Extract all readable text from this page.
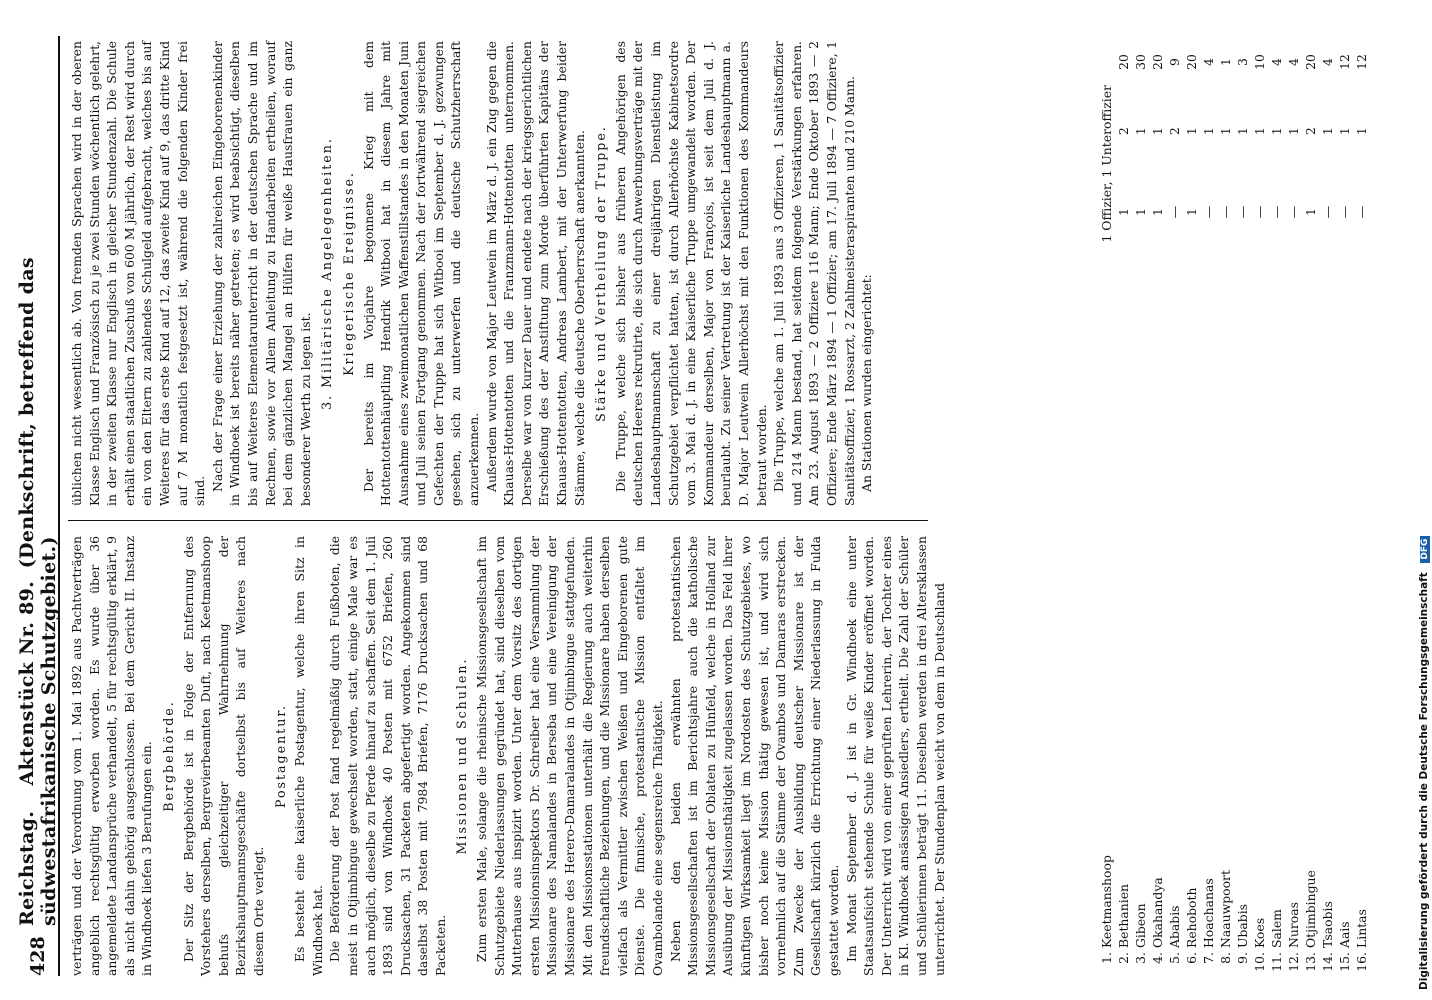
428
Reichstag.    Aktenstück Nr. 89.  (Denkschrift, betreffend das südwestafrikanische Schutzgebiet.) verträgen und der Verordnung vom 1. Mai 1892 aus Pachtverträgen angeblich rechtsgültig erworben worden. Es wurde über 36 angemeldete Landansprüche verhandelt, 5 für rechtsgültig erklärt, 9 als nicht dahin gehörig ausgeschlossen. Bei dem Gericht II. Instanz in Windhoek liefen 3 Berufungen ein. Bergbehörde. Der Sitz der Bergbehörde ist in Folge der Entfernung des Vorstehers derselben, Bergrevierbeamten Duft, nach Keetmanshoop behufs gleichzeitiger Wahrnehmung der Bezirkshauptmannsgeschäfte dortselbst bis auf Weiteres nach diesem Orte verlegt.

Postagentur. Es besteht eine kaiserliche Postagentur, welche ihren Sitz in Windhoek hat. Die Beförderung der Post fand regelmäßig durch Fußboten, die meist in Otjimbingue gewechselt worden, statt, einige Male war es auch möglich, dieselbe zu Pferde hinauf zu schaffen. Seit dem 1. Juli 1893 sind von Windhoek 40 Posten mit 6752 Briefen, 260 Drucksachen, 31 Packeten abgefertigt worden. Angekommen sind daselbst 38 Posten mit 7984 Briefen, 7176 Drucksachen und 68 Packeten.

Missionen und Schulen. Zum ersten Male, solange die rheinische Missionsgesellschaft im Schutzgebiete Niederlassungen gegründet hat, sind dieselben vom Mutterhause aus inspizirt worden. Unter dem Vorsitz des dortigen ersten Missionsinspektors Dr. Schreiber hat eine Versammlung der Missionare des Namalandes in Berseba und eine Vereinigung der Missionare des Herero-Damaralandes in Otjimbingue stattgefunden. Mit den Missionsstationen unterhält die Regierung auch weiterhin freundschaftliche Beziehungen, und die Missionare haben derselben vielfach als Vermittler zwischen Weißen und Eingeborenen gute Dienste. Die finnische, protestantische Mission entfaltet im Ovambolande eine segensreiche Thätigkeit. Neben den beiden erwähnten protestantischen Missionsgesellschaften ist im Berichtsjahre auch die katholische Missionsgesellschaft der Oblaten zu Hünfeld, welche in Holland zur Ausübung der Missionsthätigkeit zugelassen worden. Das Feld ihrer künftigen Wirksamkeit liegt im Nordosten des Schutzgebietes, wo bisher noch keine Mission thätig gewesen ist, und wird sich vornehmlich auf die Stämme der Ovambos und Damaras erstrecken. Zum Zwecke der Ausbildung deutscher Missionare ist der Gesellschaft kürzlich die Errichtung einer Niederlassung in Fulda gestattet worden. Im Monat September d. J. ist in Gr. Windhoek eine unter Staatsaufsicht stehende Schule für weiße Kinder eröffnet worden. Der Unterricht wird von einer geprüften Lehrerin, der Tochter eines in Kl. Windhoek ansässigen Ansiedlers, ertheilt. Die Zahl der Schüler und Schülerinnen beträgt 11. Dieselben werden in drei Altersklassen unterrichtet. Der Stundenplan weicht von dem in Deutschland

üblichen nicht wesentlich ab. Von fremden Sprachen wird in der oberen Klasse Englisch und Französisch zu je zwei Stunden wöchentlich gelehrt, in der zweiten Klasse nur Englisch in gleicher Stundenzahl. Die Schule erhält einen staatlichen Zuschuß von 600 M jährlich, der Rest wird durch ein von den Eltern zu zahlendes Schulgeld aufgebracht, welches bis auf Weiteres für das erste Kind auf 12, das zweite Kind auf 9, das dritte Kind auf 7 M monatlich festgesetzt ist, während die folgenden Kinder frei sind. Nach der Frage einer Erziehung der zahlreichen Eingeborenenkinder in Windhoek ist bereits näher getreten; es wird beabsichtigt, dieselben bis auf Weiteres Elementarunterricht in der deutschen Sprache und im Rechnen, sowie vor Allem Anleitung zu Handarbeiten ertheilen, worauf bei dem gänzlichen Mangel an Hülfen für weiße Hausfrauen ein ganz besonderer Werth zu legen ist. 3. Militärische Angelegenheiten. Kriegerische Ereignisse. Der bereits im Vorjahre begonnene Krieg mit dem Hottentottenhäuptling Hendrik Witbooi hat in diesem Jahre mit Ausnahme eines zweimonatlichen Waffenstillstandes in den Monaten Juni und Juli seinen Fortgang genommen. Nach der fortwährend siegreichen Gefechten der Truppe hat sich Witbooi im September d. J. gezwungen gesehen, sich zu unterwerfen und die deutsche Schutzherrschaft anzuerkennen. Außerdem wurde von Major Leutwein im März d. J. ein Zug gegen die Khauas-Hottentotten und die Franzmann-Hottentotten unternommen. Derselbe war von kurzer Dauer und endete nach der kriegsgerichtlichen Erschießung des der Anstiftung zum Morde überführten Kapitäns der Khauas-Hottentotten, Andreas Lambert, mit der Unterwerfung beider Stämme, welche die deutsche Oberherrschaft anerkannten. Stärke und Vertheilung der Truppe. Die Truppe, welche sich bisher aus früheren Angehörigen des deutschen Heeres rekrutirte, die sich durch Anwerbungsverträge mit der Landeshauptmannschaft zu einer dreijährigen Dienstleistung im Schutzgebiet verpflichtet hatten, ist durch Allerhöchste Kabinetsordre vom 3. Mai d. J. in eine Kaiserliche Truppe umgewandelt worden. Der Kommandeur derselben, Major von François, ist seit dem Juli d. J. beurlaubt. Zu seiner Vertretung ist der Kaiserliche Landeshauptmann a. D. Major Leutwein Allerhöchst mit den Funktionen des Kommandeurs betraut worden. Die Truppe, welche am 1. Juli 1893 aus 3 Offizieren, 1 Sanitätsoffizier und 214 Mann bestand, hat seitdem folgende Verstärkungen erfahren. Am 23. August 1893 — 2 Offiziere 116 Mann; Ende Oktober 1893 — 2 Offiziere; Ende März 1894 — 1 Offizier; am 17. Juli 1894 — 7 Offiziere, 1 Sanitätsoffizier, 1 Rossarzt, 2 Zahlmeisteraspiranten und 210 Mann. An Stationen wurden eingerichtet:

1.	Keetmanshoop	1 Offizier,	1 Unteroffizier	
2.	Bethanien	1	2	20
3.	Gibeon	1	1	30
4.	Okahandya	1	1	20
5.	Ababis	—	2	9
6.	Rehoboth	1	1	20
7.	Hoachanas	—	1	4
8.	Naauwpoort	—	1	1
9.	Ubabis	—	1	3
10.	Koes	—	1	10
11.	Salem	—	1	4
12.	Nuroas	—	1	4
13.	Otjimbingue	1	2	20
14.	Tsaobis	—	1	4
15.	Aais	—	1	12
16.	Lintas	—	1	12
Digitalisierung gefördert durch die Deutsche Forschungsgemeinschaft DFG
